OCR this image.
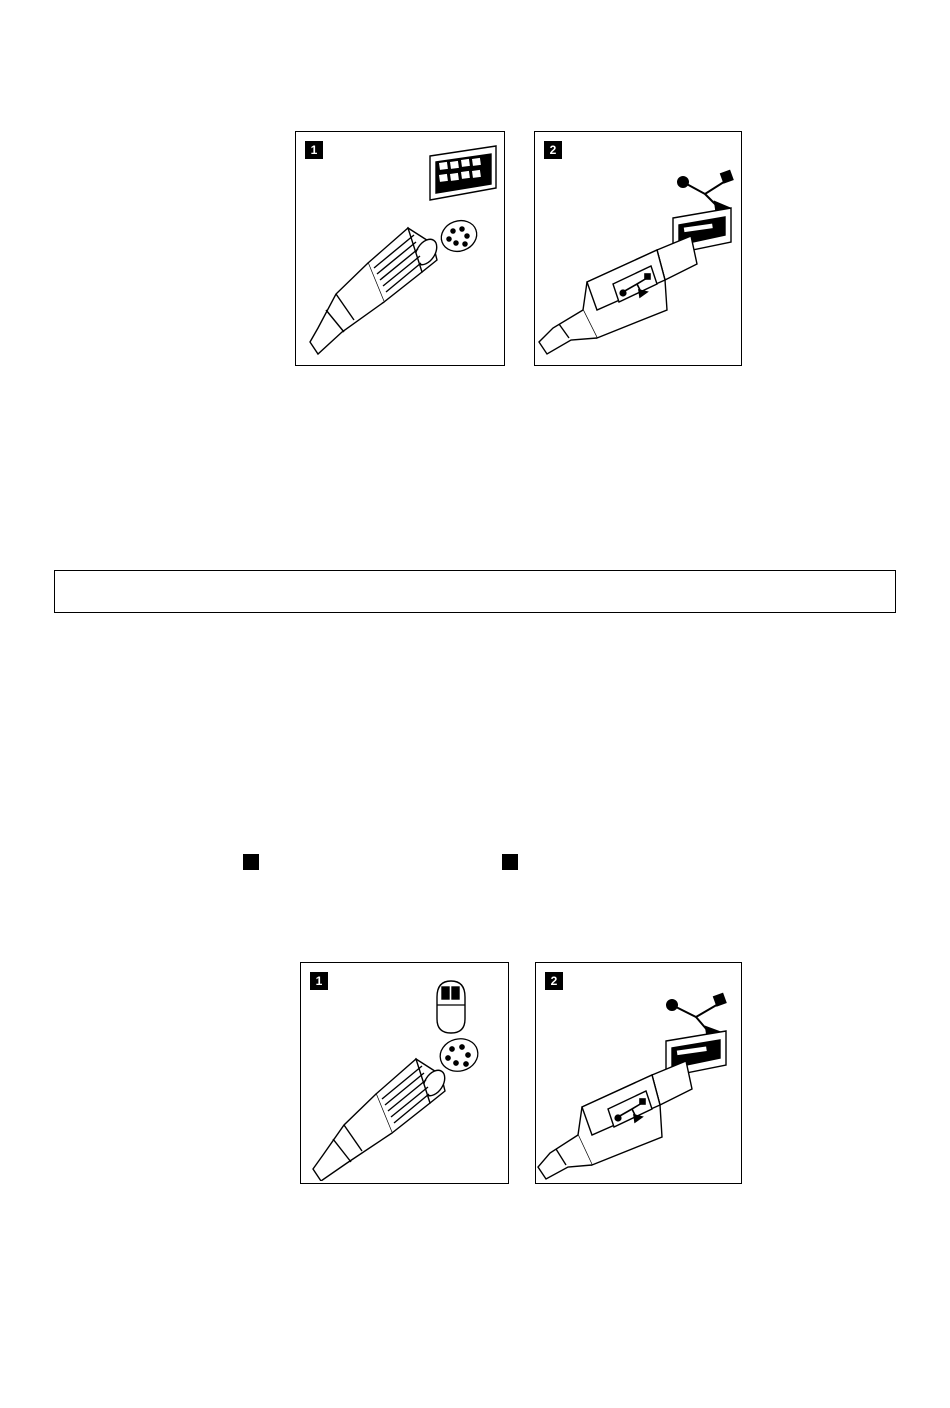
1	2
1	2
